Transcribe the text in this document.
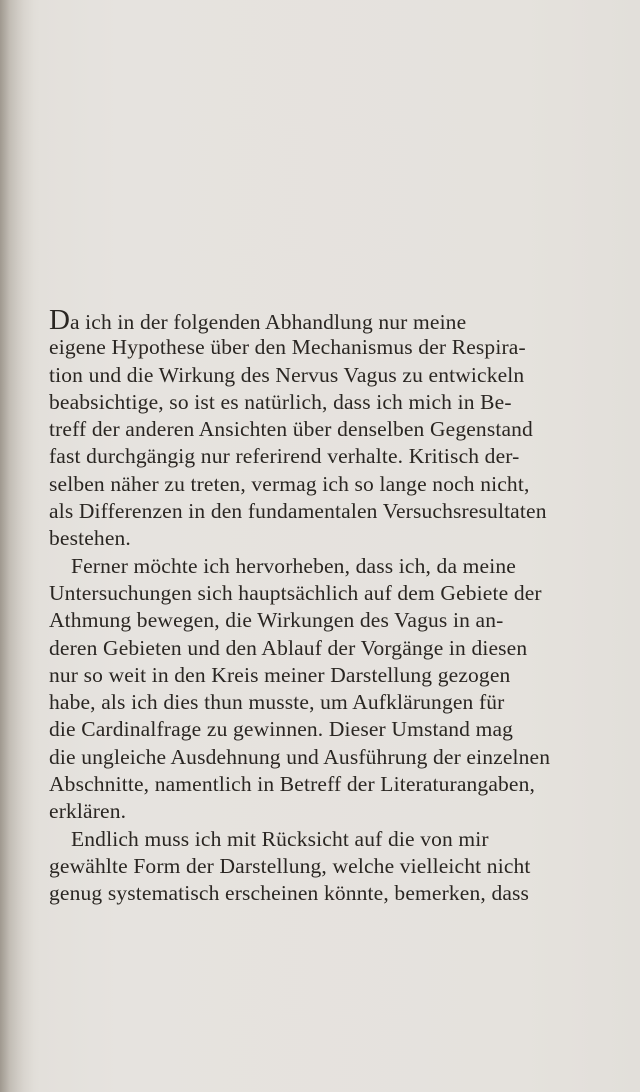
Da ich in der folgenden Abhandlung nur meine
eigene Hypothese über den Mechanismus der Respira-
tion und die Wirkung des Nervus Vagus zu entwickeln
beabsichtige, so ist es natürlich, dass ich mich in Be-
treff der anderen Ansichten über denselben Gegenstand
fast durchgängig nur referirend verhalte. Kritisch der-
selben näher zu treten, vermag ich so lange noch nicht,
als Differenzen in den fundamentalen Versuchsresultaten
bestehen.
Ferner möchte ich hervorheben, dass ich, da meine
Untersuchungen sich hauptsächlich auf dem Gebiete der
Athmung bewegen, die Wirkungen des Vagus in an-
deren Gebieten und den Ablauf der Vorgänge in diesen
nur so weit in den Kreis meiner Darstellung gezogen
habe, als ich dies thun musste, um Aufklärungen für
die Cardinalfrage zu gewinnen. Dieser Umstand mag
die ungleiche Ausdehnung und Ausführung der einzelnen
Abschnitte, namentlich in Betreff der Literaturangaben,
erklären.
Endlich muss ich mit Rücksicht auf die von mir
gewählte Form der Darstellung, welche vielleicht nicht
genug systematisch erscheinen könnte, bemerken, dass
